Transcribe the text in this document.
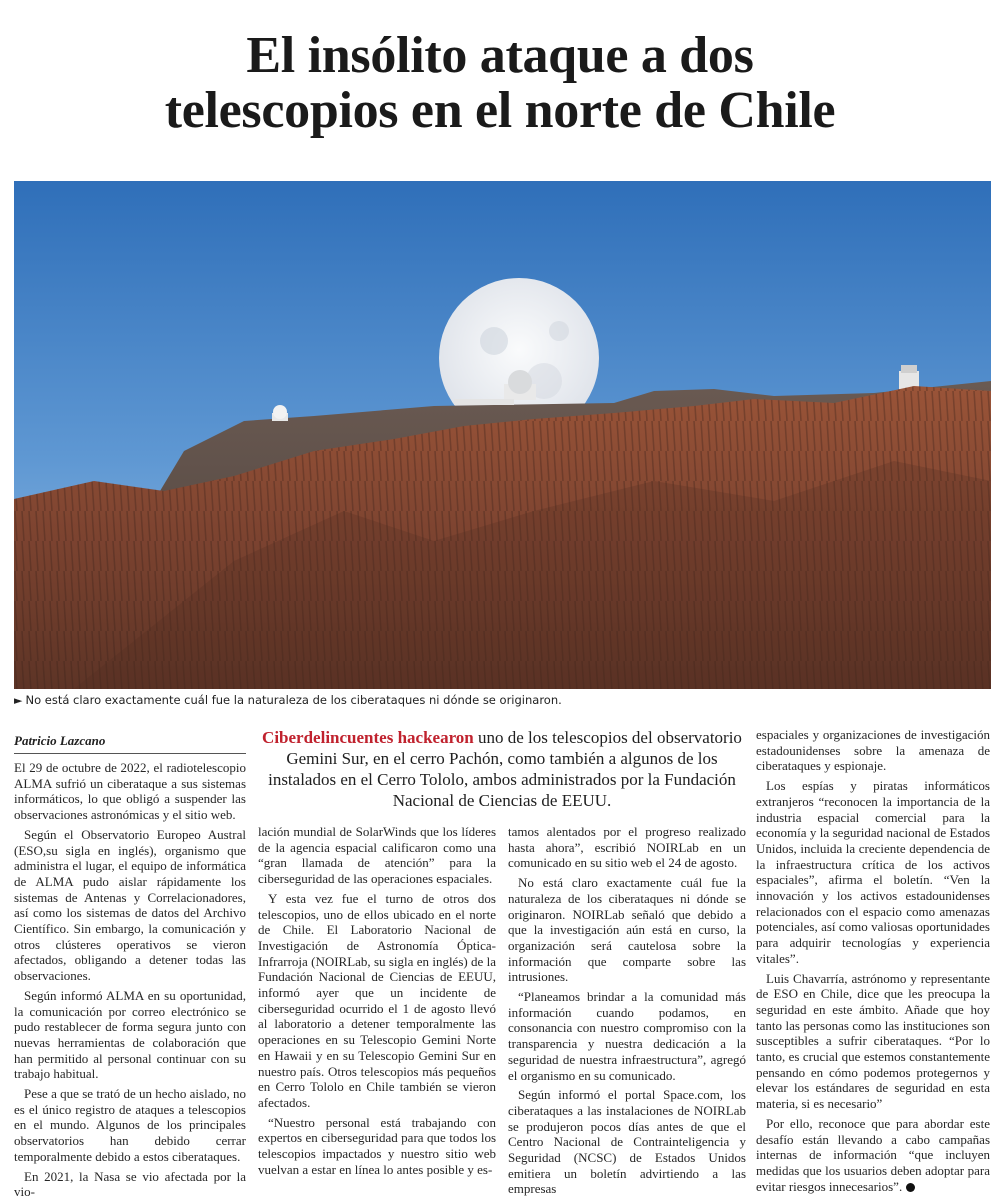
El insólito ataque a dos
telescopios en el norte de Chile
► No está claro exactamente cuál fue la naturaleza de los ciberataques ni dónde se originaron.
Patricio Lazcano	Ciberdelincuentes hackearon uno de los telescopios del observatorio Gemini Sur, en el cerro Pachón, como también a algunos de los instalados en el Cerro Tololo, ambos administrados por la Fundación Nacional de Ciencias de EEUU.

El 29 de octubre de 2022, el radiotelescopio ALMA sufrió un ciberataque a sus sistemas informáticos, lo que obligó a suspender las observaciones astronómicas y el sitio web.

Según el Observatorio Europeo Austral (ESO,su sigla en inglés), organismo que administra el lugar, el equipo de informática de ALMA pudo aislar rápidamente los sistemas de Antenas y Correlacionadores, así como los sistemas de datos del Archivo Científico. Sin embargo, la comunicación y otros clústeres operativos se vieron afectados, obligando a detener todas las observaciones.

Según informó ALMA en su oportunidad, la comunicación por correo electrónico se pudo restablecer de forma segura junto con nuevas herramientas de colaboración que han permitido al personal continuar con su trabajo habitual.

Pese a que se trató de un hecho aislado, no es el único registro de ataques a telescopios en el mundo. Algunos de los principales observatorios han debido cerrar temporalmente debido a estos ciberataques.

En 2021, la Nasa se vio afectada por la vio-

lación mundial de SolarWinds que los líderes de la agencia espacial calificaron como una “gran llamada de atención” para la ciberseguridad de las operaciones espaciales.

Y esta vez fue el turno de otros dos telescopios, uno de ellos ubicado en el norte de Chile. El Laboratorio Nacional de Investigación de Astronomía Óptica-Infrarroja (NOIRLab, su sigla en inglés) de la Fundación Nacional de Ciencias de EEUU, informó ayer que un incidente de ciberseguridad ocurrido el 1 de agosto llevó al laboratorio a detener temporalmente las operaciones en su Telescopio Gemini Norte en Hawaii y en su Telescopio Gemini Sur en nuestro país. Otros telescopios más pequeños en Cerro Tololo en Chile también se vieron afectados.

“Nuestro personal está trabajando con expertos en ciberseguridad para que todos los telescopios impactados y nuestro sitio web vuelvan a estar en línea lo antes posible y es-

tamos alentados por el progreso realizado hasta ahora”, escribió NOIRLab en un comunicado en su sitio web el 24 de agosto.

No está claro exactamente cuál fue la naturaleza de los ciberataques ni dónde se originaron. NOIRLab señaló que debido a que la investigación aún está en curso, la organización será cautelosa sobre la información que comparte sobre las intrusiones.

“Planeamos brindar a la comunidad más información cuando podamos, en consonancia con nuestro compromiso con la transparencia y nuestra dedicación a la seguridad de nuestra infraestructura”, agregó el organismo en su comunicado.

Según informó el portal Space.com, los ciberataques a las instalaciones de NOIRLab se produjeron pocos días antes de que el Centro Nacional de Contrainteligencia y Seguridad (NCSC) de Estados Unidos emitiera un boletín advirtiendo a las empresas

espaciales y organizaciones de investigación estadounidenses sobre la amenaza de ciberataques y espionaje.

Los espías y piratas informáticos extranjeros “reconocen la importancia de la industria espacial comercial para la economía y la seguridad nacional de Estados Unidos, incluida la creciente dependencia de la infraestructura crítica de los activos espaciales”, afirma el boletín. “Ven la innovación y los activos estadounidenses relacionados con el espacio como amenazas potenciales, así como valiosas oportunidades para adquirir tecnologías y experiencia vitales”.

Luis Chavarría, astrónomo y representante de ESO en Chile, dice que les preocupa la seguridad en este ámbito. Añade que hoy tanto las personas como las instituciones son susceptibles a sufrir ciberataques. “Por lo tanto, es crucial que estemos constantemente pensando en cómo podemos protegernos y elevar los estándares de seguridad en esta materia, si es necesario”

Por ello, reconoce que para abordar este desafío están llevando a cabo campañas internas de información “que incluyen medidas que los usuarios deben adoptar para evitar riesgos innecesarios”.
